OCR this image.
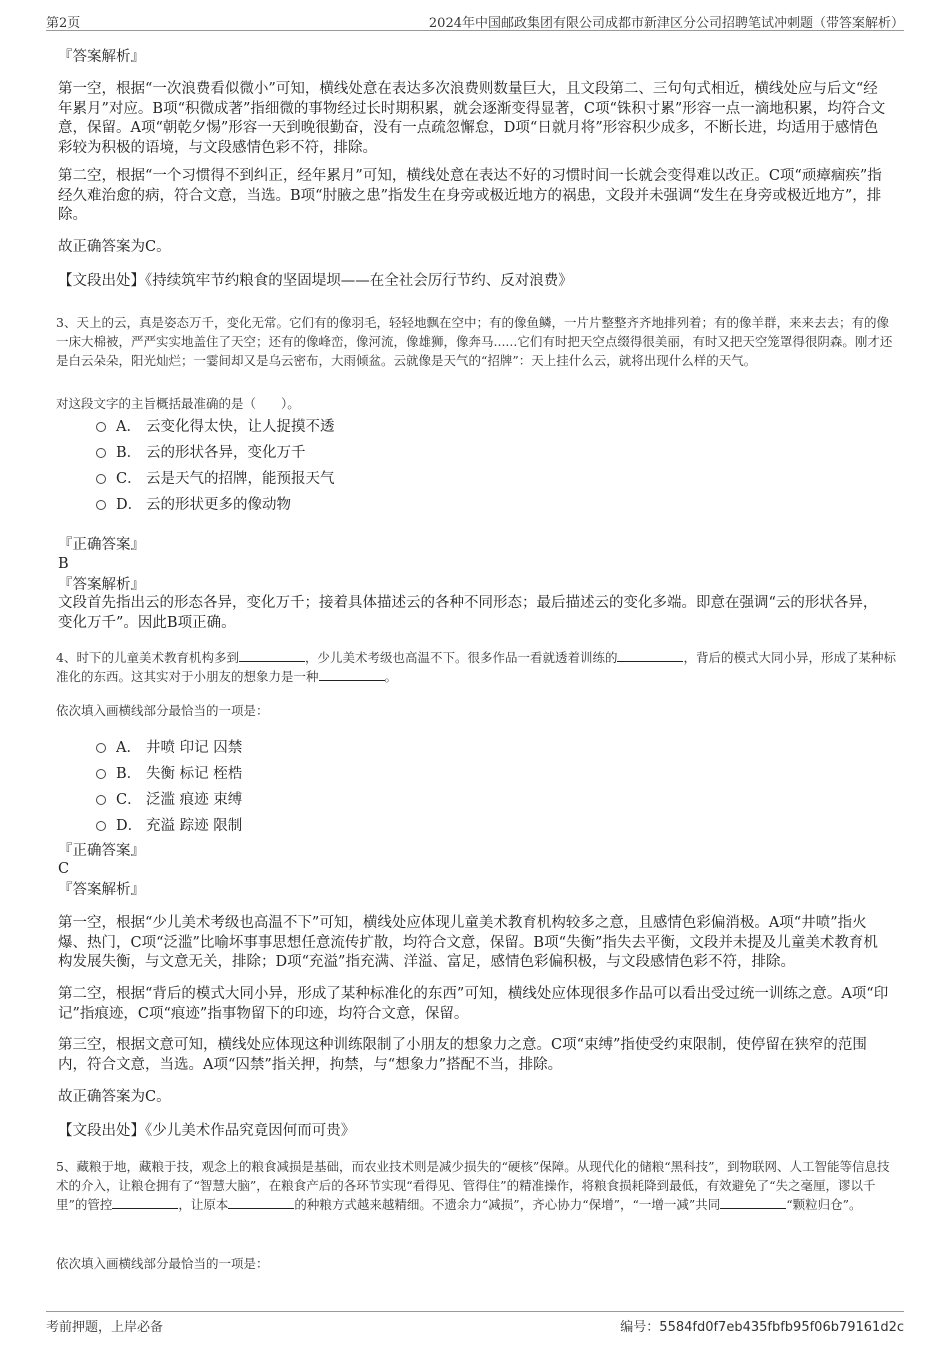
第2页	2024年中国邮政集团有限公司成都市新津区分公司招聘笔试冲刺题（带答案解析）
『答案解析』

第一空，根据“一次浪费看似微小”可知，横线处意在表达多次浪费则数量巨大，且文段第二、三句句式相近，横线处应与后文“经年累月”对应。B项“积微成著”指细微的事物经过长时期积累，就会逐渐变得显著，C项“铢积寸累”形容一点一滴地积累，均符合文意，保留。A项“朝乾夕惕”形容一天到晚很勤奋，没有一点疏忽懈怠，D项“日就月将”形容积少成多，不断长进，均适用于感情色彩较为积极的语境，与文段感情色彩不符，排除。

第二空，根据“一个习惯得不到纠正，经年累月”可知，横线处意在表达不好的习惯时间一长就会变得难以改正。C项“顽瘴痼疾”指经久难治愈的病，符合文意，当选。B项“肘腋之患”指发生在身旁或极近地方的祸患，文段并未强调“发生在身旁或极近地方”，排除。

故正确答案为C。

【文段出处】《持续筑牢节约粮食的坚固堤坝——在全社会厉行节约、反对浪费》

3、天上的云，真是姿态万千，变化无常。它们有的像羽毛，轻轻地飘在空中；有的像鱼鳞，一片片整整齐齐地排列着；有的像羊群，来来去去；有的像一床大棉被，严严实实地盖住了天空；还有的像峰峦，像河流，像雄狮，像奔马......它们有时把天空点缀得很美丽，有时又把天空笼罩得很阴森。刚才还是白云朵朵，阳光灿烂；一霎间却又是乌云密布，大雨倾盆。云就像是天气的“招牌”：天上挂什么云，就将出现什么样的天气。

对这段文字的主旨概括最准确的是（　　）。

A． 云变化得太快，让人捉摸不透
B． 云的形状各异，变化万千
C． 云是天气的招牌，能预报天气
D． 云的形状更多的像动物
『正确答案』
B
『答案解析』

文段首先指出云的形态各异，变化万千；接着具体描述云的各种不同形态；最后描述云的变化多端。即意在强调“云的形状各异，变化万千”。因此B项正确。

4、时下的儿童美术教育机构多到	，少儿美术考级也高温不下。很多作品一看就透着训练的	，背后的模式大同小异，形成了某种标准化的东西。这其实对于小朋友的想象力是一种	。

依次填入画横线部分最恰当的一项是：

A． 井喷 印记 囚禁
B． 失衡 标记 桎梏
C． 泛滥 痕迹 束缚
D． 充溢 踪迹 限制
『正确答案』
C
『答案解析』

第一空，根据“少儿美术考级也高温不下”可知，横线处应体现儿童美术教育机构较多之意，且感情色彩偏消极。A项“井喷”指火爆、热门，C项“泛滥”比喻坏事事思想任意流传扩散，均符合文意，保留。B项“失衡”指失去平衡，文段并未提及儿童美术教育机构发展失衡，与文意无关，排除；D项“充溢”指充满、洋溢、富足，感情色彩偏积极，与文段感情色彩不符，排除。

第二空，根据“背后的模式大同小异，形成了某种标准化的东西”可知，横线处应体现很多作品可以看出受过统一训练之意。A项“印记”指痕迹，C项“痕迹”指事物留下的印迹，均符合文意，保留。

第三空，根据文意可知，横线处应体现这种训练限制了小朋友的想象力之意。C项“束缚”指使受约束限制，使停留在狭窄的范围内，符合文意，当选。A项“囚禁”指关押，拘禁，与“想象力”搭配不当，排除。

故正确答案为C。

【文段出处】《少儿美术作品究竟因何而可贵》

5、藏粮于地，藏粮于技，观念上的粮食减损是基础，而农业技术则是减少损失的“硬核”保障。从现代化的储粮“黑科技”，到物联网、人工智能等信息技术的介入，让粮仓拥有了“智慧大脑”，在粮食产后的各环节实现“看得见、管得住”的精准操作，将粮食损耗降到最低，有效避免了“失之毫厘，谬以千里”的管控	，让原本	的种粮方式越来越精细。不遗余力“减损”，齐心协力“保增”，“一增一减”共同	“颗粒归仓”。

依次填入画横线部分最恰当的一项是：

考前押题，上岸必备	编号：5584fd0f7eb435fbfb95f06b79161d2c
